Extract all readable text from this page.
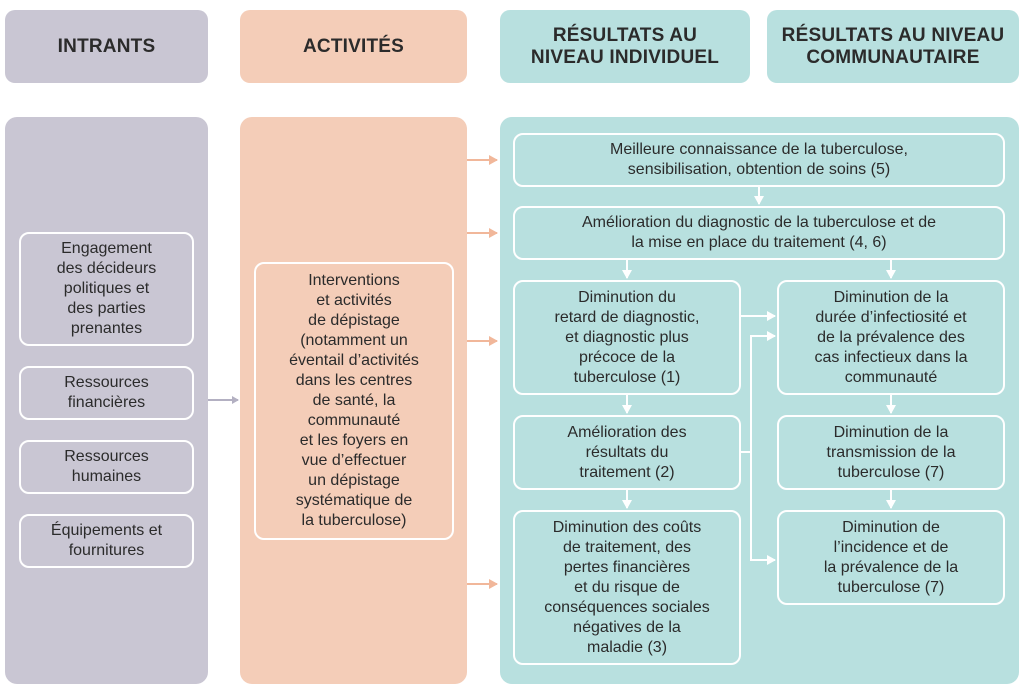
INTRANTS	ACTIVITÉS
RÉSULTATS AU
NIVEAU INDIVIDUEL
RÉSULTATS AU NIVEAU
COMMUNAUTAIRE
Engagement
des décideurs
politiques et
des parties
prenantes
Ressources
financières
Ressources
humaines
Équipements et
fournitures
Interventions
et activités
de dépistage
(notamment un
éventail d’activités
dans les centres
de santé, la
communauté
et les foyers en
vue d’effectuer
un dépistage
systématique de
la tuberculose)
Meilleure connaissance de la tuberculose,
sensibilisation, obtention de soins (5)
Amélioration du diagnostic de la tuberculose et de
la mise en place du traitement (4, 6)
Diminution du
retard de diagnostic,
et diagnostic plus
précoce de la
tuberculose (1)
Amélioration des
résultats du
traitement (2)
Diminution des coûts
de traitement, des
pertes financières
et du risque de
conséquences sociales
négatives de la
maladie (3)
Diminution de la
durée d’infectiosité et
de la prévalence des
cas infectieux dans la
communauté
Diminution de la
transmission de la
tuberculose (7)
Diminution de
l’incidence et de
la prévalence de la
tuberculose (7)
